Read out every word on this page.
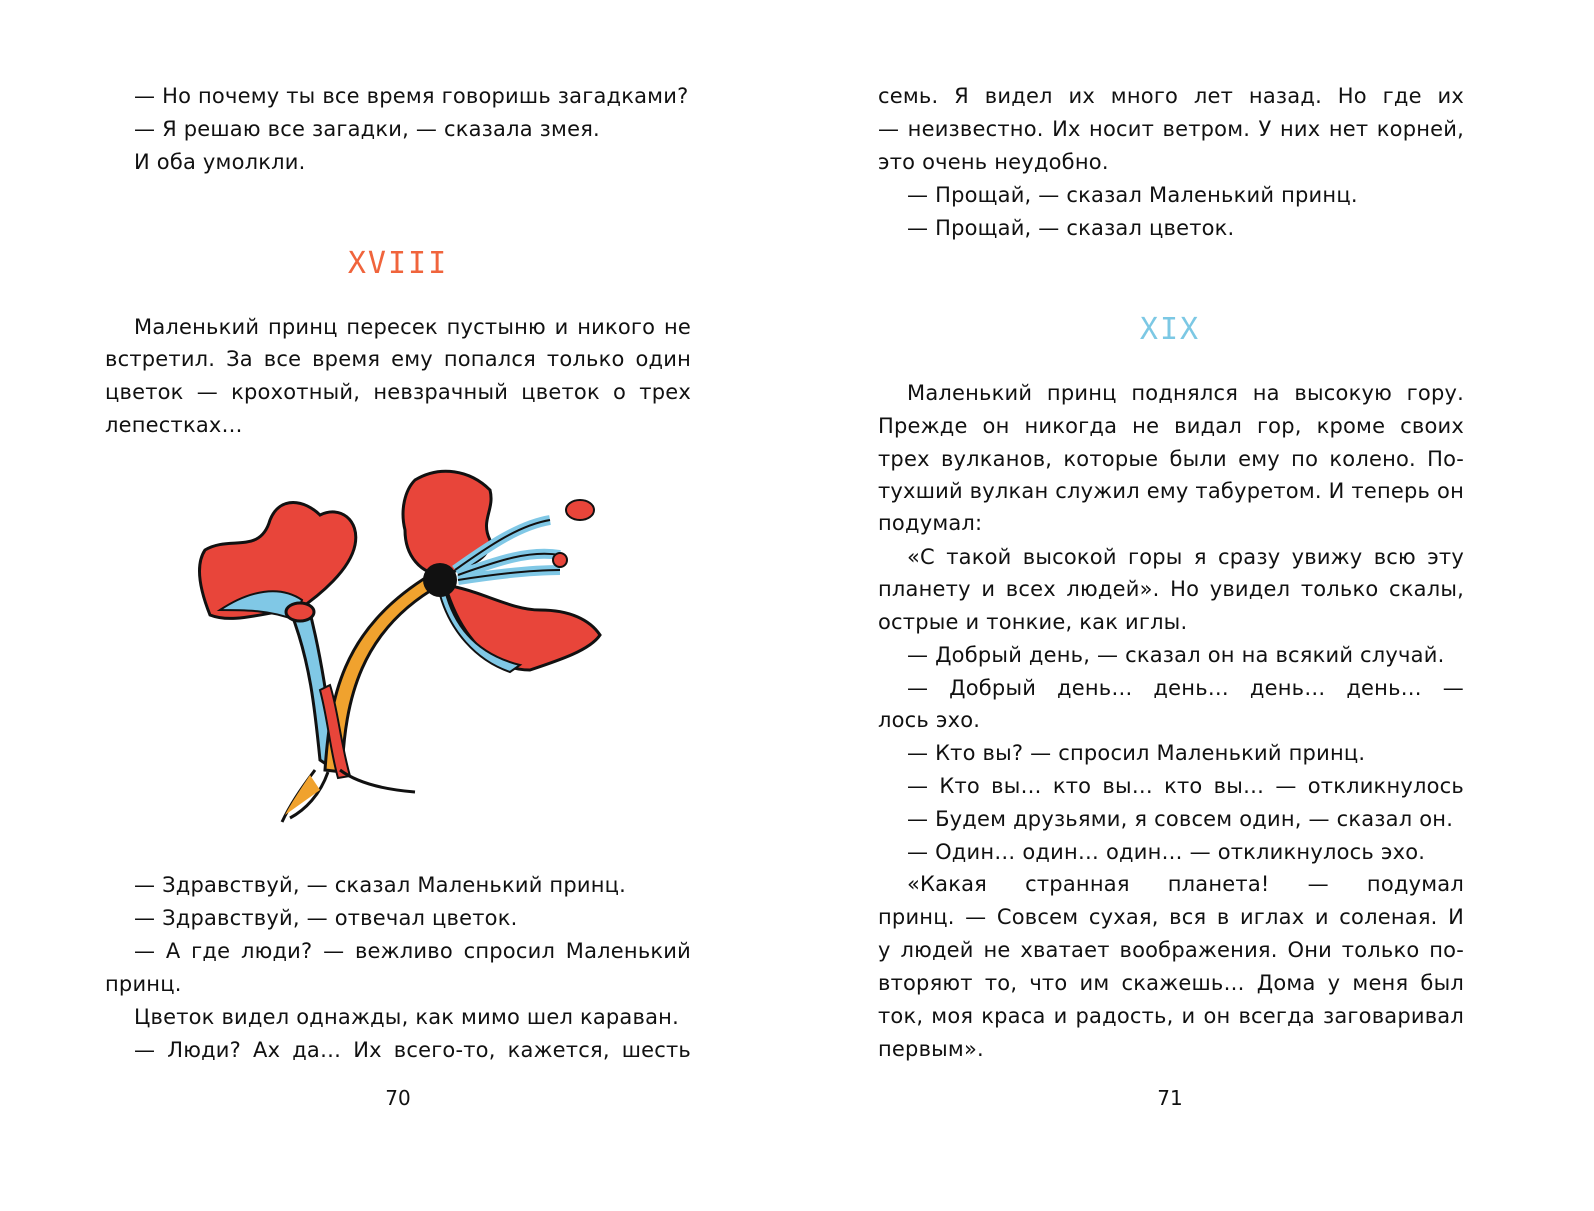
XVIII
70
— Но почему ты все время говоришь загадками?
— Я решаю все загадки, — сказала змея.
И оба умолкли.
Маленький принц пересек пустыню и никого не
встретил. За все время ему попался только один
цветок — крохотный, невзрачный цветок о трех
лепестках…
— Здравствуй, — сказал Маленький принц.
— Здравствуй, — отвечал цветок.
— А где люди? — вежливо спросил Маленький
принц.
Цветок видел однажды, как мимо шел караван.
— Люди? Ах да… Их всего-то, кажется, шесть
XIX
71
семь. Я видел их много лет назад. Но где их
— неизвестно. Их носит ветром. У них нет корней,
это очень неудобно.
— Прощай, — сказал Маленький принц.
— Прощай, — сказал цветок.
Маленький принц поднялся на высокую гору.
Прежде он никогда не видал гор, кроме своих
трех вулканов, которые были ему по колено. По-
тухший вулкан служил ему табуретом. И теперь он
подумал:
«С такой высокой горы я сразу увижу всю эту
планету и всех людей». Но увидел только скалы,
острые и тонкие, как иглы.
— Добрый день, — сказал он на всякий случай.
— Добрый день… день… день… день… —
лось эхо.
— Кто вы? — спросил Маленький принц.
— Кто вы… кто вы… кто вы… — откликнулось
— Будем друзьями, я совсем один, — сказал он.
— Один… один… один… — откликнулось эхо.
«Какая странная планета! — подумал
принц. — Совсем сухая, вся в иглах и соленая. И
у людей не хватает воображения. Они только по-
вторяют то, что им скажешь… Дома у меня был
ток, моя краса и радость, и он всегда заговаривал
первым».
